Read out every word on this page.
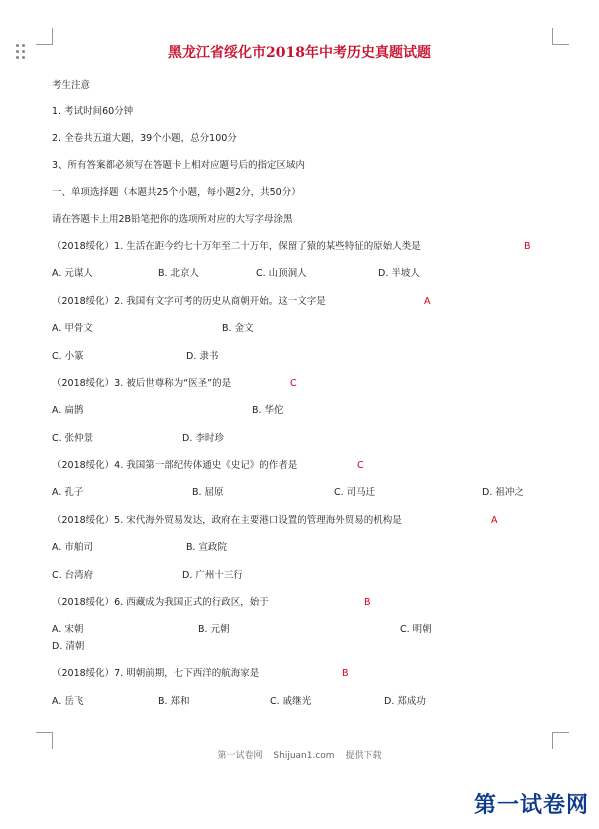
黑龙江省绥化市2018年中考历史真题试题
考生注意
1. 考试时间60分钟
2. 全卷共五道大题，39个小题，总分100分
3、所有答案都必须写在答题卡上相对应题号后的指定区域内
一、单项选择题（本题共25个小题，每小题2分，共50分）
请在答题卡上用2B铅笔把你的选项所对应的大写字母涂黑
（2018绥化）1. 生活在距今约七十万年至二十万年，保留了猿的某些特征的原始人类是	B
A. 元谋人	B. 北京人	C. 山顶洞人	D. 半坡人
（2018绥化）2. 我国有文字可考的历史从商朝开始。这一文字是	A
A. 甲骨文	B. 金文
C. 小篆	D. 隶书
（2018绥化）3. 被后世尊称为“医圣”的是	C
A. 扁鹊	B. 华佗
C. 张仲景	D. 李时珍
（2018绥化）4. 我国第一部纪传体通史《史记》的作者是	C
A. 孔子	B. 屈原	C. 司马迁	D. 祖冲之
（2018绥化）5. 宋代海外贸易发达，政府在主要港口设置的管理海外贸易的机构是	A
A. 市舶司	B. 宣政院
C. 台湾府	D. 广州十三行
（2018绥化）6. 西藏成为我国正式的行政区，始于	B
A. 宋朝	B. 元朝	C. 明朝
D. 清朝
（2018绥化）7. 明朝前期，七下西洋的航海家是	B
A. 岳飞	B. 郑和	C. 戚继光	D. 郑成功
第一试卷网 Shijuan1.com 提供下载
第一试卷网
